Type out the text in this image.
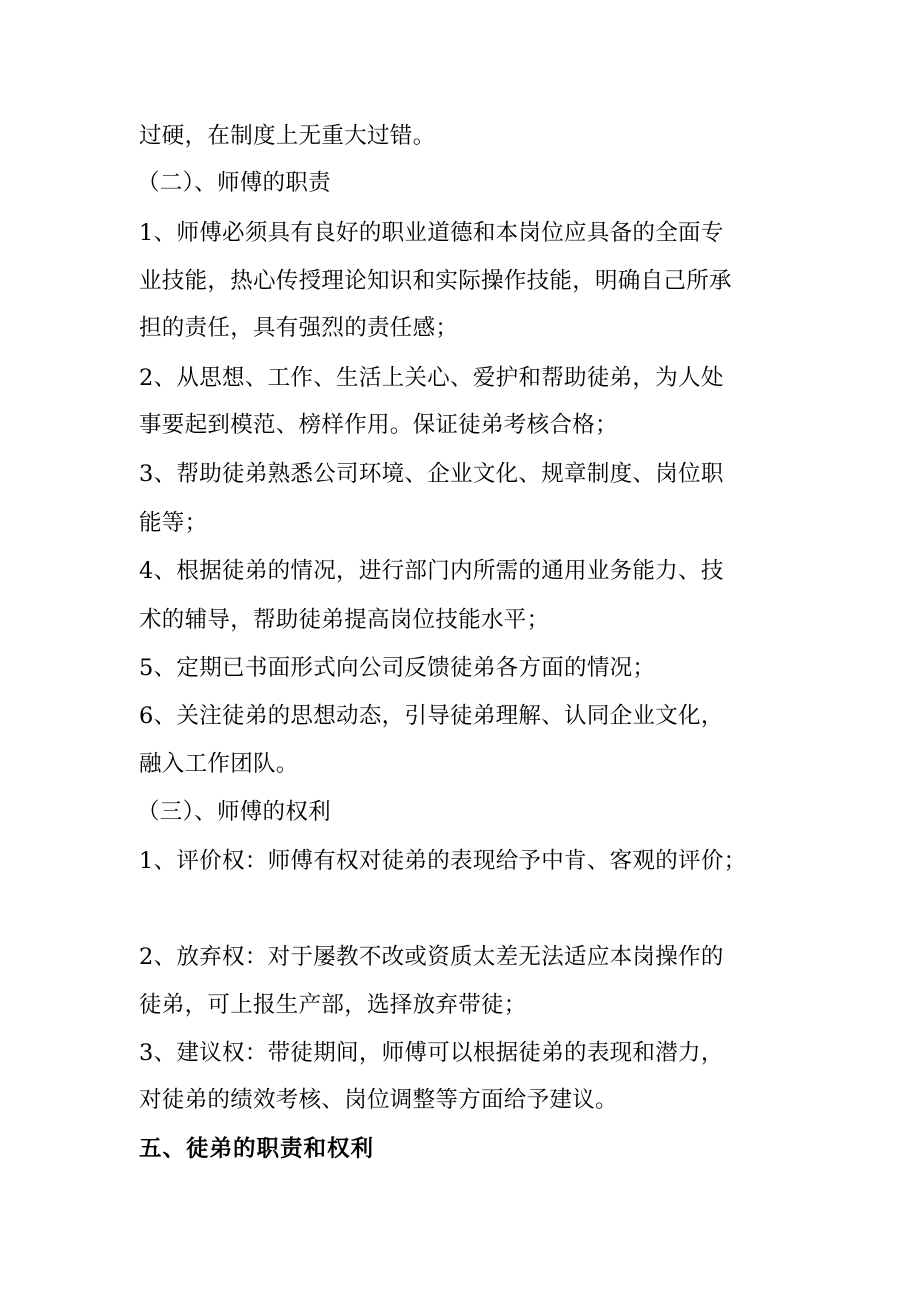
过硬，在制度上无重大过错。
（二）、师傅的职责
1、师傅必须具有良好的职业道德和本岗位应具备的全面专
业技能，热心传授理论知识和实际操作技能，明确自己所承
担的责任，具有强烈的责任感；
2、从思想、工作、生活上关心、爱护和帮助徒弟，为人处
事要起到模范、榜样作用。保证徒弟考核合格；
3、帮助徒弟熟悉公司环境、企业文化、规章制度、岗位职
能等；
4、根据徒弟的情况，进行部门内所需的通用业务能力、技
术的辅导，帮助徒弟提高岗位技能水平；
5、定期已书面形式向公司反馈徒弟各方面的情况；
6、关注徒弟的思想动态，引导徒弟理解、认同企业文化，
融入工作团队。
（三）、师傅的权利
1、评价权：师傅有权对徒弟的表现给予中肯、客观的评价；
2、放弃权：对于屡教不改或资质太差无法适应本岗操作的
徒弟，可上报生产部，选择放弃带徒；
3、建议权：带徒期间，师傅可以根据徒弟的表现和潜力，
对徒弟的绩效考核、岗位调整等方面给予建议。
五、徒弟的职责和权利
